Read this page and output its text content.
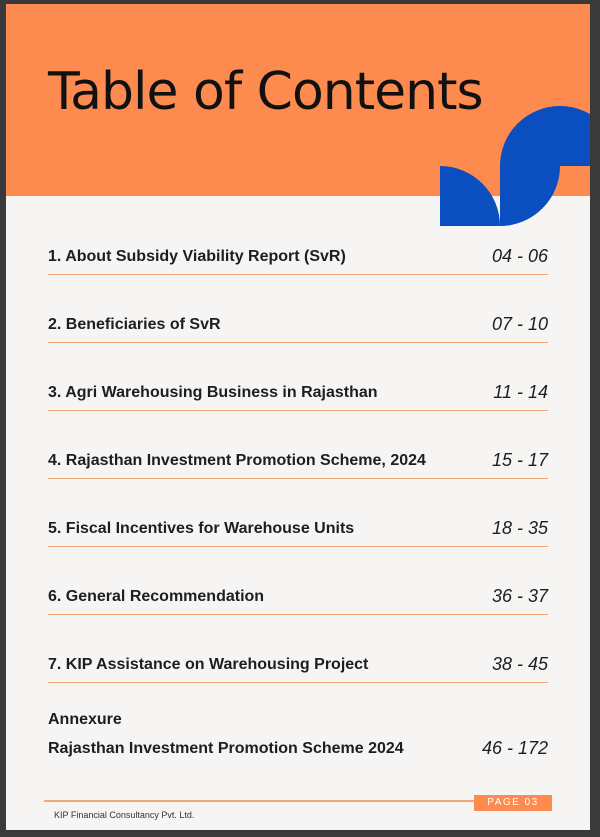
Table of Contents
1. About Subsidy Viability Report (SvR)	04 - 06
2. Beneficiaries of SvR	07 - 10
3. Agri Warehousing Business in Rajasthan	11 - 14
4. Rajasthan Investment Promotion Scheme, 2024	15 - 17
5. Fiscal Incentives for Warehouse Units	18 - 35
6. General Recommendation	36 - 37
7. KIP Assistance on Warehousing Project	38 - 45
Annexure
Rajasthan Investment Promotion Scheme 2024	46 - 172
KIP Financial Consultancy Pvt. Ltd.
PAGE 03
